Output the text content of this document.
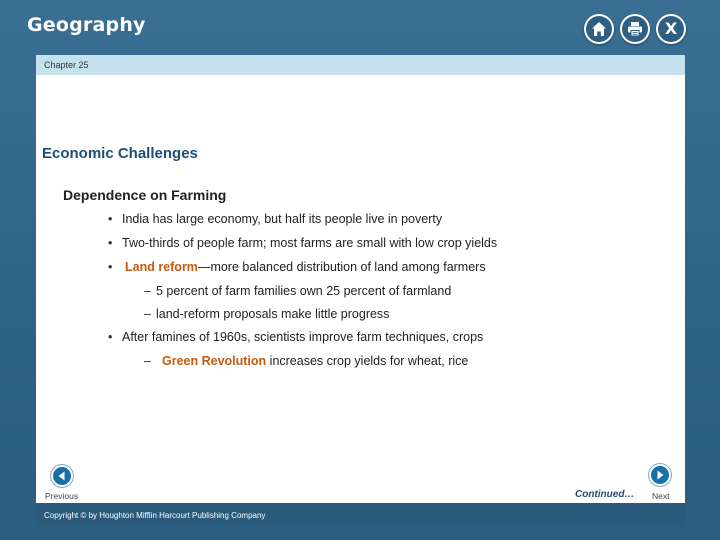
Geography	X
Chapter 25
Economic Challenges
Dependence on Farming
• India has large economy, but half its people live in poverty
• Two-thirds of people farm; most farms are small with low crop yields
• Land reform—more balanced distribution of land among farmers
– 5 percent of farm families own 25 percent of farmland
– land-reform proposals make little progress
• After famines of 1960s, scientists improve farm techniques, crops
– Green Revolution increases crop yields for wheat, rice
Previous	Continued… Next
Copyright © by Houghton Mifflin Harcourt Publishing Company
